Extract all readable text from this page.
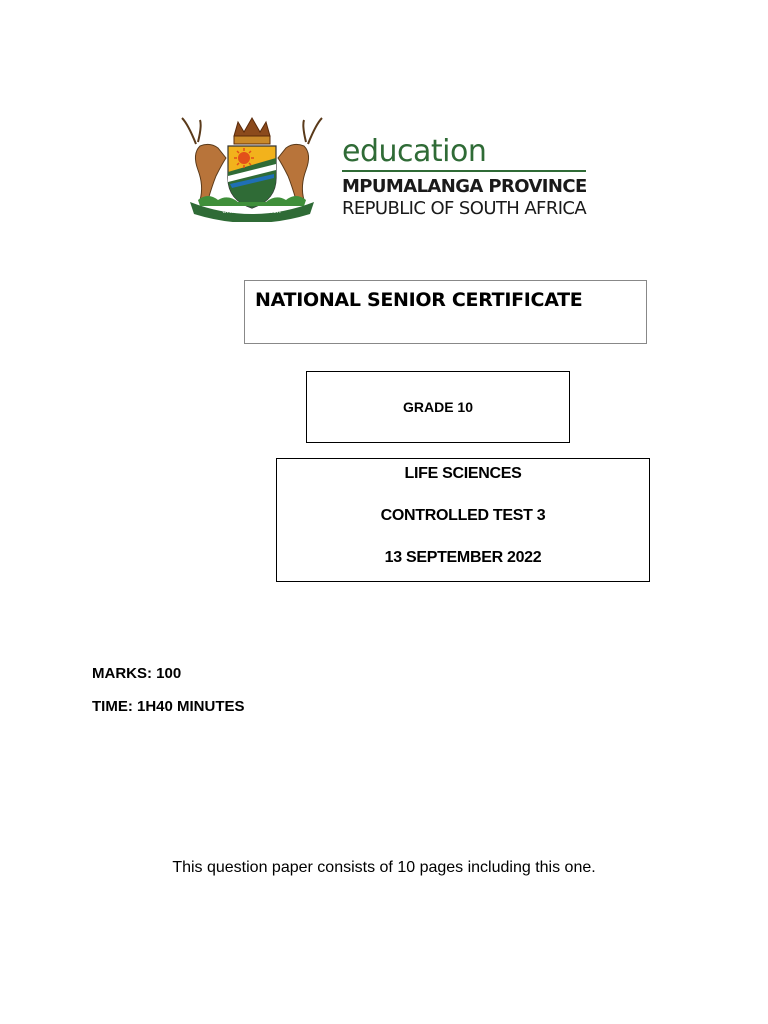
OMNIA LABOR VINCIT
education
MPUMALANGA PROVINCE
REPUBLIC OF SOUTH AFRICA
NATIONAL SENIOR CERTIFICATE
GRADE 10
LIFE SCIENCES
CONTROLLED TEST 3
13 SEPTEMBER 2022
MARKS: 100
TIME: 1H40 MINUTES
This question paper consists of 10 pages including this one.
